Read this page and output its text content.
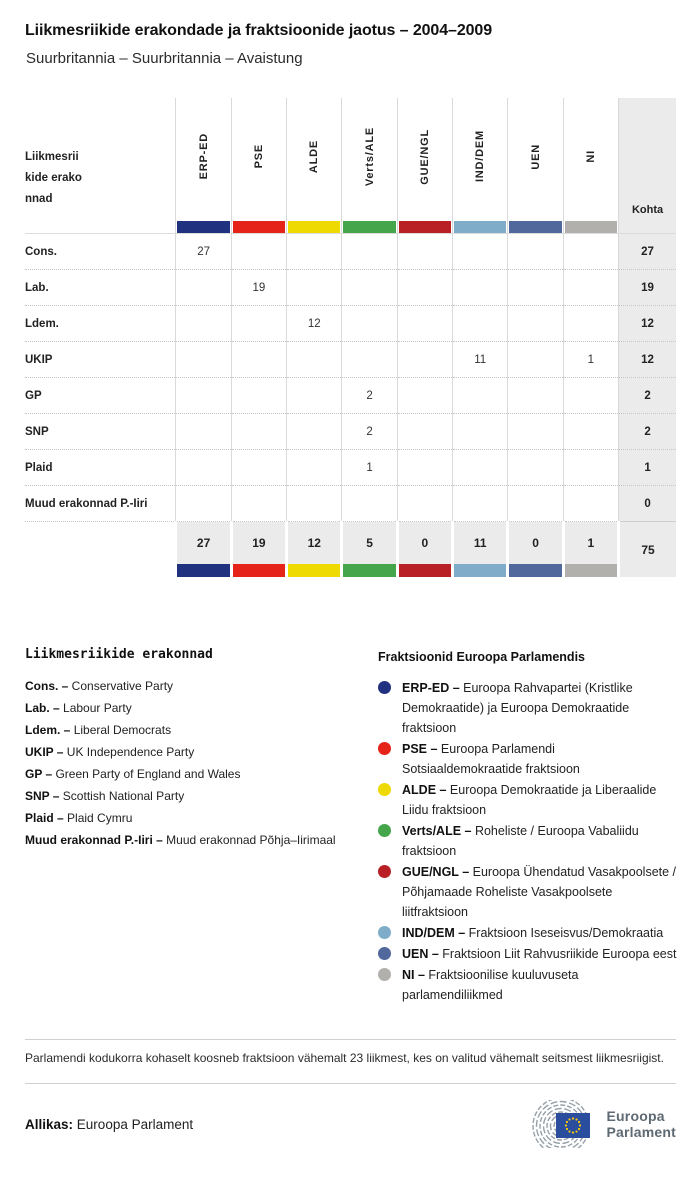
Liikmesriikide erakondade ja fraktsioonide jaotus – 2004–2009
Suurbritannia – Suurbritannia – Avaistung
Liikmesriikide erakonnad	ERP-ED	PSE	ALDE	Verts/ALE	GUE/NGL	IND/DEM	UEN	NI	Kohta

Cons.	27								27
Lab.		19							19
Ldem.			12						12
UKIP						11		1	12
GP				2					2
SNP				2					2
Plaid				1					1
Muud erakonnad P.-Iiri									0
	27	19	12	5	0	11	0	1	75

Liikmesriikide erakonnad
Cons. – Conservative Party
Lab. – Labour Party
Ldem. – Liberal Democrats
UKIP – UK Independence Party
GP – Green Party of England and Wales
SNP – Scottish National Party
Plaid – Plaid Cymru
Muud erakonnad P.-Iiri – Muud erakonnad Põhja–Iirimaal
Fraktsioonid Euroopa Parlamendis
ERP-ED – Euroopa Rahvapartei (Kristlike Demokraatide) ja Euroopa Demokraatide fraktsioon
PSE – Euroopa Parlamendi Sotsiaaldemokraatide fraktsioon
ALDE – Euroopa Demokraatide ja Liberaalide Liidu fraktsioon
Verts/ALE – Roheliste / Euroopa Vabaliidu fraktsioon
GUE/NGL – Euroopa Ühendatud Vasakpoolsete / Põhjamaade Roheliste Vasakpoolsete liitfraktsioon
IND/DEM – Fraktsioon Iseseisvus/Demokraatia
UEN – Fraktsioon Liit Rahvusriikide Euroopa eest
NI – Fraktsioonilise kuuluvuseta parlamendiliikmed
Parlamendi kodukorra kohaselt koosneb fraktsioon vähemalt 23 liikmest, kes on valitud vähemalt seitsmest liikmesriigist.
Allikas: Euroopa Parlament	Euroopa
Parlament
